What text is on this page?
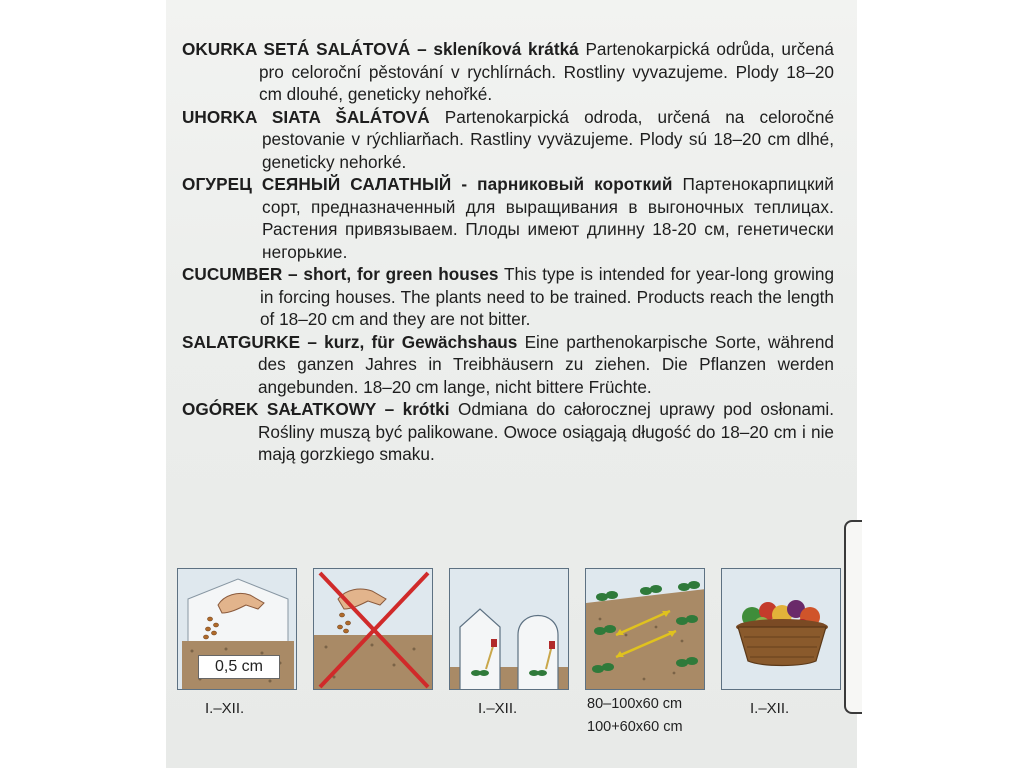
OKURKA SETÁ SALÁTOVÁ – skleníková krátká Partenokarpická odrůda, určená pro celoroční pěstování v rychlírnách. Rostliny vyvazujeme. Plody 18–20 cm dlouhé, geneticky nehořké.

UHORKA SIATA ŠALÁTOVÁ Partenokarpická odroda, určená na celoročné pestovanie v rýchliarňach. Rastliny vyväzujeme. Plody sú 18–20 cm dlhé, geneticky nehorké.

ОГУРЕЦ СЕЯНЫЙ САЛАТНЫЙ - парниковый короткий Партенокарпицкий сорт, предназначенный для выращивания в выгоночных теплицах. Растения привязываем. Плоды имеют длинну 18-20 см, генетически негорькие.

CUCUMBER – short, for green houses This type is intended for year-long growing in forcing houses. The plants need to be trained. Products reach the length of 18–20 cm and they are not bitter.

SALATGURKE – kurz, für Gewächshaus Eine parthenokarpische Sorte, während des ganzen Jahres in Treibhäusern zu ziehen. Die Pflanzen werden angebunden. 18–20 cm lange, nicht bittere Früchte.

OGÓREK SAŁATKOWY – krótki Odmiana do całorocznej uprawy pod osłonami. Rośliny muszą być palikowane. Owoce osiągają długość do 18–20 cm i nie mają gorzkiego smaku.

0,5 cm
I.–XII.	I.–XII.	80–100x60 cm
100+60x60 cm
I.–XII.
